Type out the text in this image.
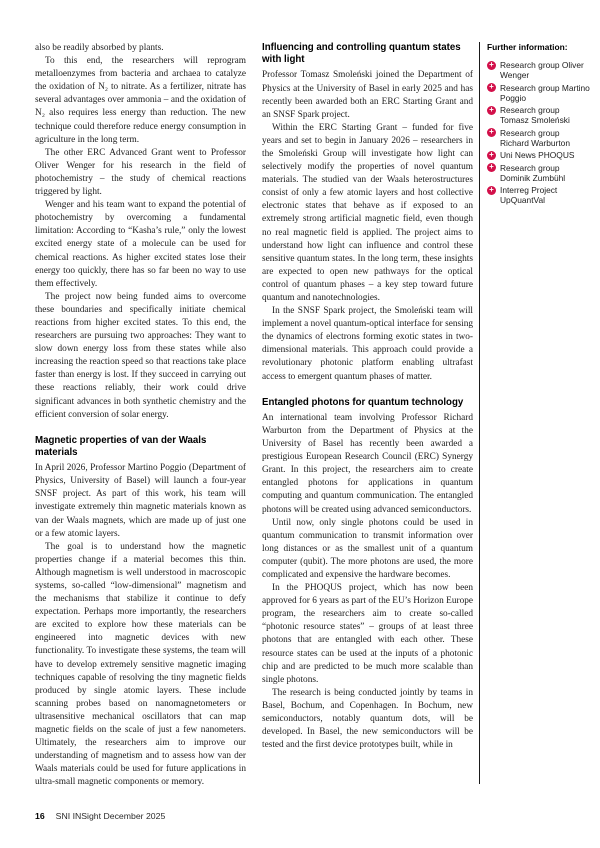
also be readily absorbed by plants.

To this end, the researchers will reprogram metalloenzymes from bacteria and archaea to catalyze the oxidation of N₂ to nitrate. As a fertilizer, nitrate has several advantages over ammonia – and the oxidation of N₂ also requires less energy than reduction. The new technique could therefore reduce energy consumption in agriculture in the long term.

The other ERC Advanced Grant went to Professor Oliver Wenger for his research in the field of photochemistry – the study of chemical reactions triggered by light.

Wenger and his team want to expand the potential of photochemistry by overcoming a fundamental limitation: According to “Kasha’s rule,” only the lowest excited energy state of a molecule can be used for chemical reactions. As higher excited states lose their energy too quickly, there has so far been no way to use them effectively.

The project now being funded aims to overcome these boundaries and specifically initiate chemical reactions from higher excited states. To this end, the researchers are pursuing two approaches: They want to slow down energy loss from these states while also increasing the reaction speed so that reactions take place faster than energy is lost. If they succeed in carrying out these reactions reliably, their work could drive significant advances in both synthetic chemistry and the efficient conversion of solar energy.

Magnetic properties of van der Waals materials

In April 2026, Professor Martino Poggio (Department of Physics, University of Basel) will launch a four-year SNSF project. As part of this work, his team will investigate extremely thin magnetic materials known as van der Waals magnets, which are made up of just one or a few atomic layers.

The goal is to understand how the magnetic properties change if a material becomes this thin. Although magnetism is well understood in macroscopic systems, so-called “low-dimensional” magnetism and the mechanisms that stabilize it continue to defy expectation. Perhaps more importantly, the researchers are excited to explore how these materials can be engineered into magnetic devices with new functionality. To investigate these systems, the team will have to develop extremely sensitive magnetic imaging techniques capable of resolving the tiny magnetic fields produced by single atomic layers. These include scanning probes based on nanomagnetometers or ultrasensitive mechanical oscillators that can map magnetic fields on the scale of just a few nanometers. Ultimately, the researchers aim to improve our understanding of magnetism and to assess how van der Waals materials could be used for future applications in ultra-small magnetic components or memory.

Influencing and controlling quantum states with light

Professor Tomasz Smoleński joined the Department of Physics at the University of Basel in early 2025 and has recently been awarded both an ERC Starting Grant and an SNSF Spark project.

Within the ERC Starting Grant – funded for five years and set to begin in January 2026 – researchers in the Smoleński Group will investigate how light can selectively modify the properties of novel quantum materials. The studied van der Waals heterostructures consist of only a few atomic layers and host collective electronic states that behave as if exposed to an extremely strong artificial magnetic field, even though no real magnetic field is applied. The project aims to understand how light can influence and control these sensitive quantum states. In the long term, these insights are expected to open new pathways for the optical control of quantum phases – a key step toward future quantum and nanotechnologies.

In the SNSF Spark project, the Smoleński team will implement a novel quantum-optical interface for sensing the dynamics of electrons forming exotic states in two-dimensional materials. This approach could provide a revolutionary photonic platform enabling ultrafast access to emergent quantum phases of matter.

Entangled photons for quantum technology

An international team involving Professor Richard Warburton from the Department of Physics at the University of Basel has recently been awarded a prestigious European Research Council (ERC) Synergy Grant. In this project, the researchers aim to create entangled photons for applications in quantum computing and quantum communication. The entangled photons will be created using advanced semiconductors.

Until now, only single photons could be used in quantum communication to transmit information over long distances or as the smallest unit of a quantum computer (qubit). The more photons are used, the more complicated and expensive the hardware becomes.

In the PHOQUS project, which has now been approved for 6 years as part of the EU’s Horizon Europe program, the researchers aim to create so-called “photonic resource states” – groups of at least three photons that are entangled with each other. These resource states can be used at the inputs of a photonic chip and are predicted to be much more scalable than single photons.

The research is being conducted jointly by teams in Basel, Bochum, and Copenhagen. In Bochum, new semiconductors, notably quantum dots, will be developed. In Basel, the new semiconductors will be tested and the first device prototypes built, while in

Further information:
+ Research group Oliver Wenger
+ Research group Martino Poggio
+ Research group Tomasz Smoleński
+ Research group Richard Warburton
+ Uni News PHOQUS
+ Research group Dominik Zumbühl
+ Interreg Project UpQuantVal
16 SNI INSight December 2025
